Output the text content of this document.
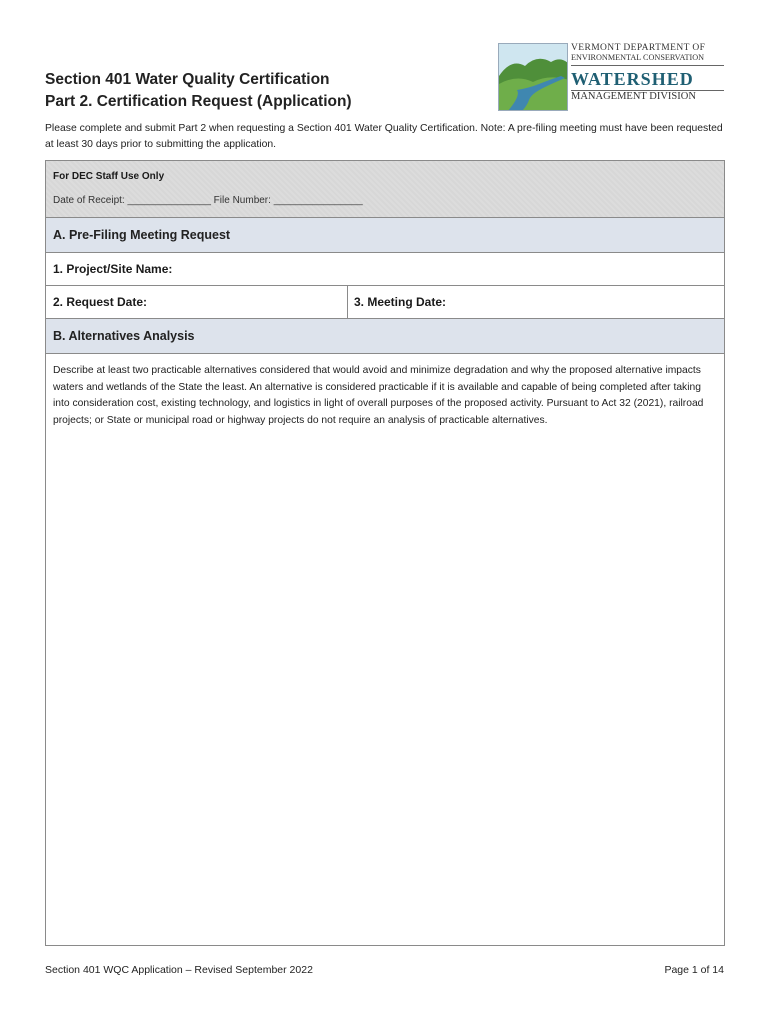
Section 401 Water Quality Certification
Part 2. Certification Request (Application)
VERMONT DEPARTMENT OF
ENVIRONMENTAL CONSERVATION
WATERSHED
MANAGEMENT DIVISION
Please complete and submit Part 2 when requesting a Section 401 Water Quality Certification. Note: A pre-filing meeting must have been requested at least 30 days prior to submitting the application.
For DEC Staff Use Only
Date of Receipt: _______________ File Number: ________________
A. Pre-Filing Meeting Request
1. Project/Site Name:
2. Request Date:	3. Meeting Date:
B. Alternatives Analysis
Describe at least two practicable alternatives considered that would avoid and minimize degradation and why the proposed alternative impacts waters and wetlands of the State the least. An alternative is considered practicable if it is available and capable of being completed after taking into consideration cost, existing technology, and logistics in light of overall purposes of the proposed activity. Pursuant to Act 32 (2021), railroad projects; or State or municipal road or highway projects do not require an analysis of practicable alternatives.
Section 401 WQC Application – Revised September 2022	Page 1 of 14
